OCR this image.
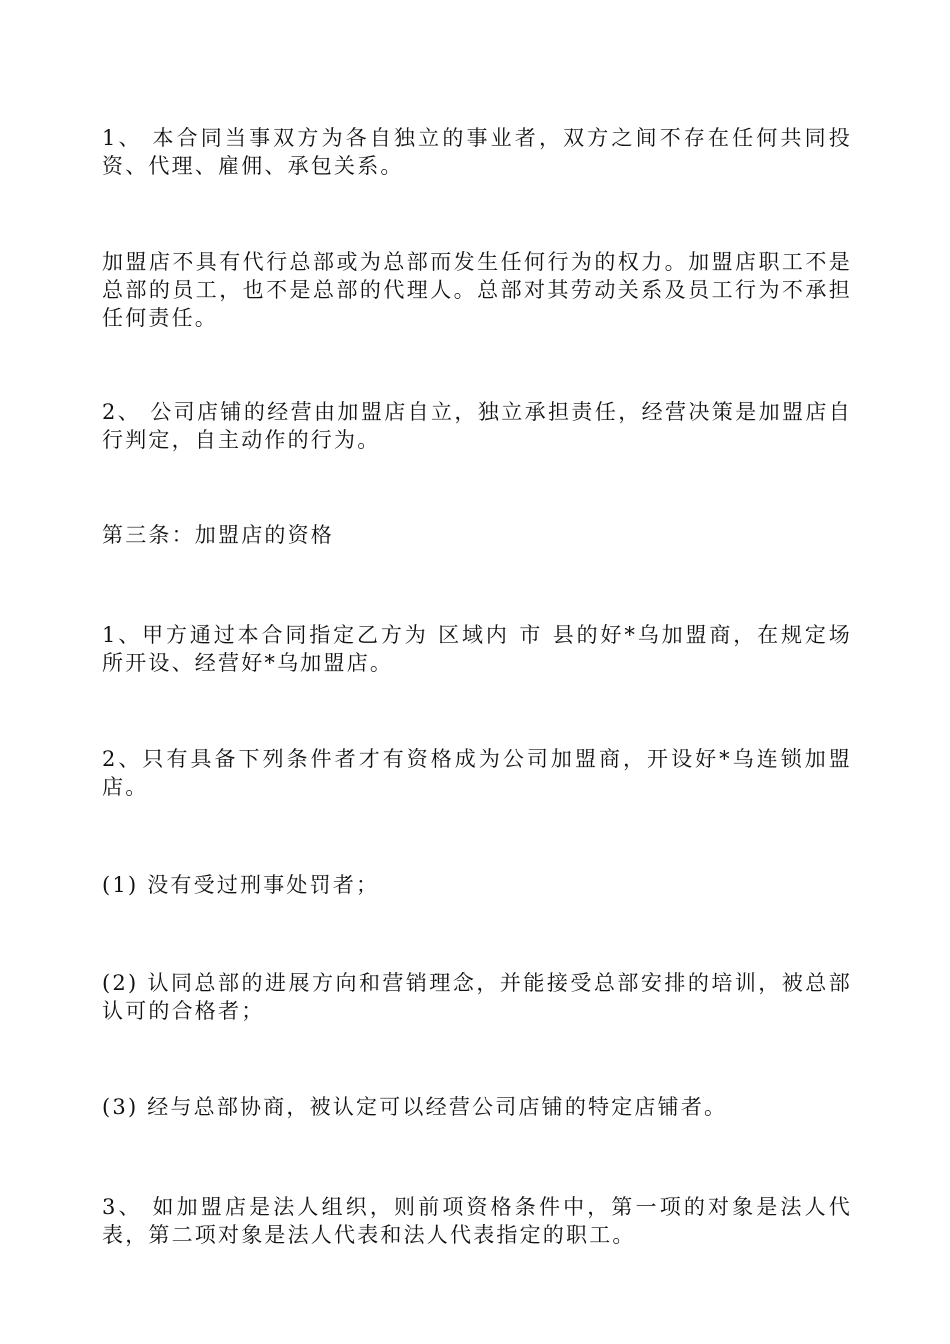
1、 本合同当事双方为各自独立的事业者，双方之间不存在任何共同投资、代理、雇佣、承包关系。

加盟店不具有代行总部或为总部而发生任何行为的权力。加盟店职工不是总部的员工，也不是总部的代理人。总部对其劳动关系及员工行为不承担任何责任。

2、 公司店铺的经营由加盟店自立，独立承担责任，经营决策是加盟店自行判定，自主动作的行为。

第三条：加盟店的资格

1、甲方通过本合同指定乙方为 区域内 市 县的好*乌加盟商，在规定场所开设、经营好*乌加盟店。

2、只有具备下列条件者才有资格成为公司加盟商，开设好*乌连锁加盟店。

(1) 没有受过刑事处罚者；

(2) 认同总部的进展方向和营销理念，并能接受总部安排的培训，被总部认可的合格者；

(3) 经与总部协商，被认定可以经营公司店铺的特定店铺者。

3、 如加盟店是法人组织，则前项资格条件中，第一项的对象是法人代表，第二项对象是法人代表和法人代表指定的职工。
